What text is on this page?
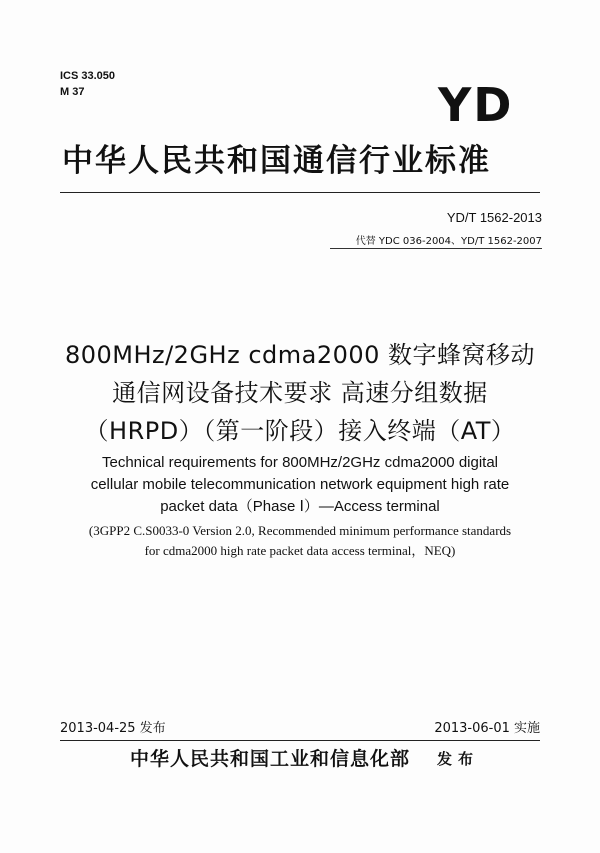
ICS 33.050
M 37	YD
中华人民共和国通信行业标准
YD/T 1562-2013
代替 YDC 036-2004、YD/T 1562-2007
800MHz/2GHz cdma2000 数字蜂窝移动
通信网设备技术要求 高速分组数据
（HRPD）（第一阶段）接入终端（AT）
Technical requirements for 800MHz/2GHz cdma2000 digital
cellular mobile telecommunication network equipment high rate
packet data（Phase Ⅰ）—Access terminal
(3GPP2 C.S0033-0 Version 2.0, Recommended minimum performance standards
for cdma2000 high rate packet data access terminal，NEQ)
2013-04-25 发布	2013-06-01 实施
中华人民共和国工业和信息化部 发布
